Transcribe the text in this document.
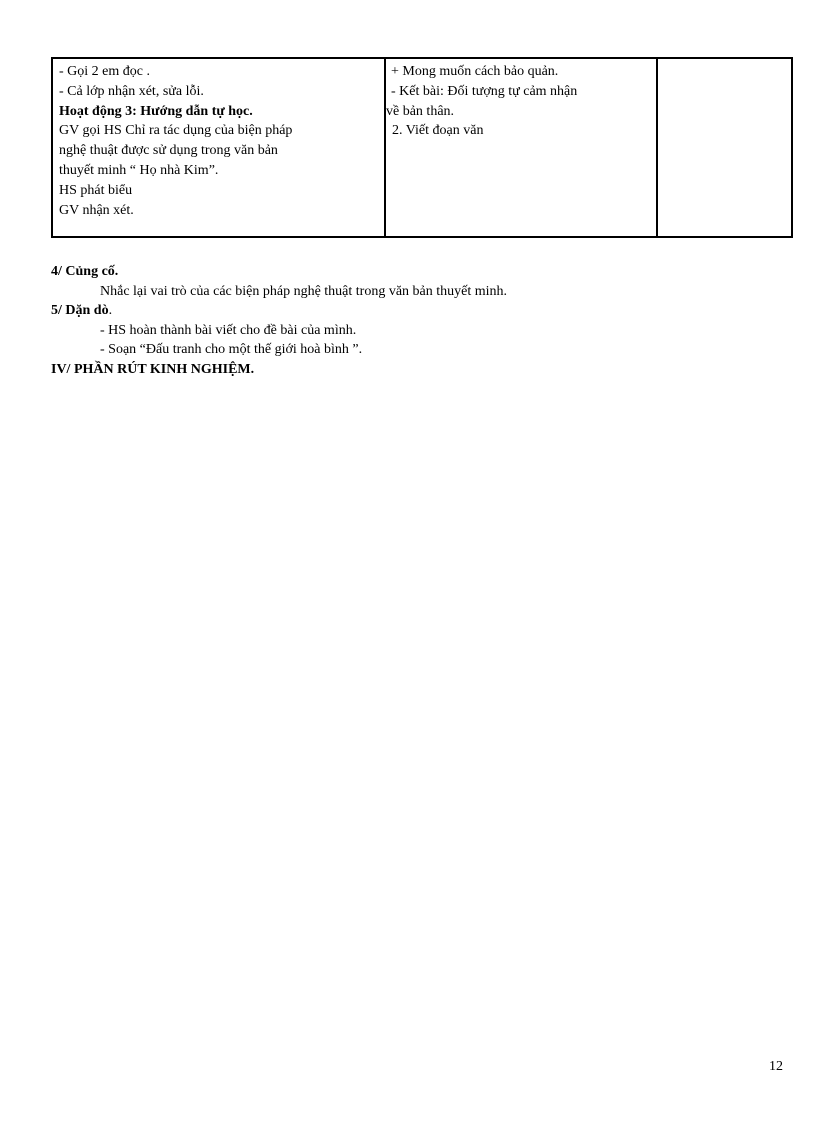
- Gọi 2 em đọc .
- Cả lớp nhận xét, sửa lỗi.
Hoạt động 3: Hướng dẫn tự học.
GV gọi HS Chỉ ra tác dụng của biện pháp
nghệ thuật được sử dụng trong văn bản
thuyết minh “ Họ nhà Kim”.
HS phát biểu
GV nhận xét.
+ Mong muốn cách bảo quản.
- Kết bài: Đối tượng tự cảm nhận
về bản thân.
2. Viết đoạn văn
4/ Củng cố.
Nhắc lại vai trò của các biện pháp nghệ thuật trong văn bản thuyết minh.
5/ Dặn dò.
- HS hoàn thành bài viết cho đề bài của mình.
- Soạn “Đấu tranh cho một thế giới hoà bình ”.
IV/ PHẦN RÚT KINH NGHIỆM.
12
